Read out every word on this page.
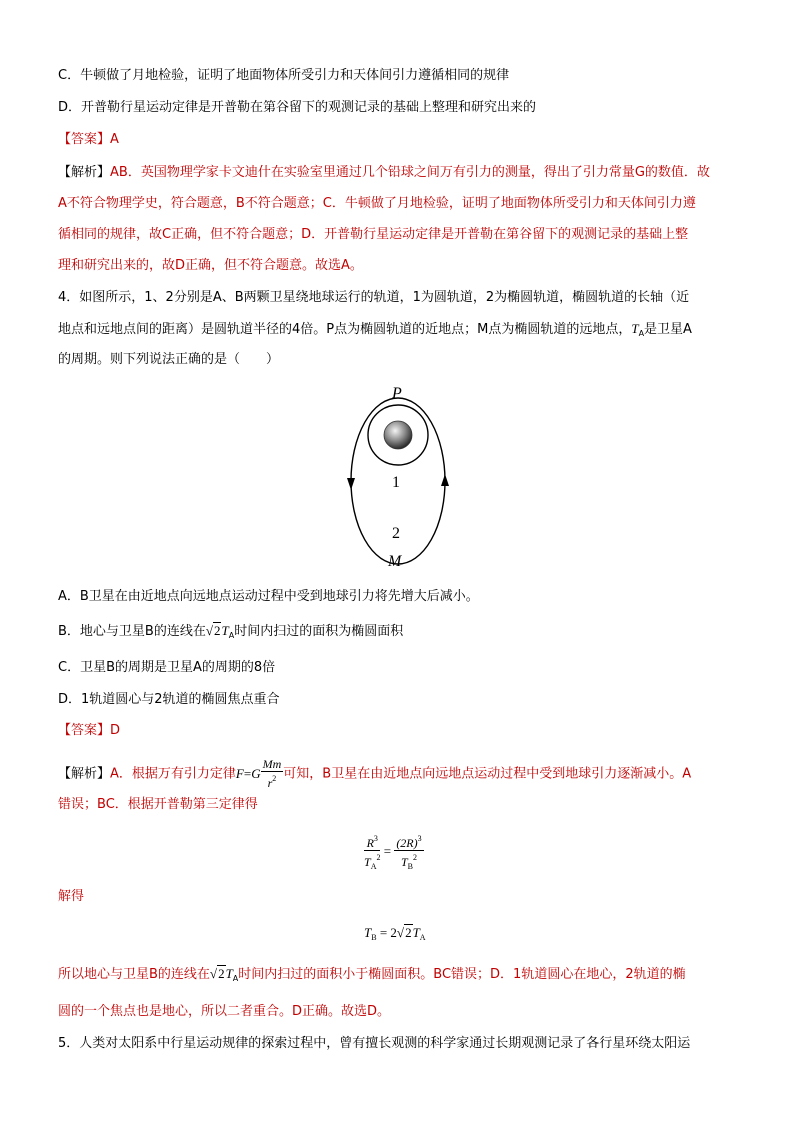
C．牛顿做了月地检验，证明了地面物体所受引力和天体间引力遵循相同的规律
D．开普勒行星运动定律是开普勒在第谷留下的观测记录的基础上整理和研究出来的
【答案】A
【解析】AB．英国物理学家卡文迪什在实验室里通过几个铅球之间万有引力的测量，得出了引力常量G的数值．故
A不符合物理学史，符合题意，B不符合题意；C．牛顿做了月地检验，证明了地面物体所受引力和天体间引力遵
循相同的规律，故C正确，但不符合题意；D．开普勒行星运动定律是开普勒在第谷留下的观测记录的基础上整
理和研究出来的，故D正确，但不符合题意。故选A。
4．如图所示，1、2分别是A、B两颗卫星绕地球运行的轨道，1为圆轨道，2为椭圆轨道，椭圆轨道的长轴（近
地点和远地点间的距离）是圆轨道半径的4倍。P点为椭圆轨道的近地点；M点为椭圆轨道的远地点，$T_A$是卫星A
的周期。则下列说法正确的是（　　）
P
1
2
M
A．B卫星在由近地点向远地点运动过程中受到地球引力将先增大后减小。
B．地心与卫星B的连线在$√2T_A$时间内扫过的面积为椭圆面积
C．卫星B的周期是卫星A的周期的8倍
D．1轨道圆心与2轨道的椭圆焦点重合
【答案】D
【解析】A．根据万有引力定律$F=G \frac{Mm}{r^2}$ 可知，B卫星在由近地点向远地点运动过程中受到地球引力逐渐减小。A
错误；BC．根据开普勒第三定律得
$\frac{R^3}{T_A^2} = \frac{(2R)^3}{T_B^2}$
解得
$T_B = 2√2T_A$
所以地心与卫星B的连线在$√2T_A$时间内扫过的面积小于椭圆面积。BC错误；D．1轨道圆心在地心，2轨道的椭
圆的一个焦点也是地心，所以二者重合。D正确。故选D。
5．人类对太阳系中行星运动规律的探索过程中，曾有擅长观测的科学家通过长期观测记录了各行星环绕太阳运
